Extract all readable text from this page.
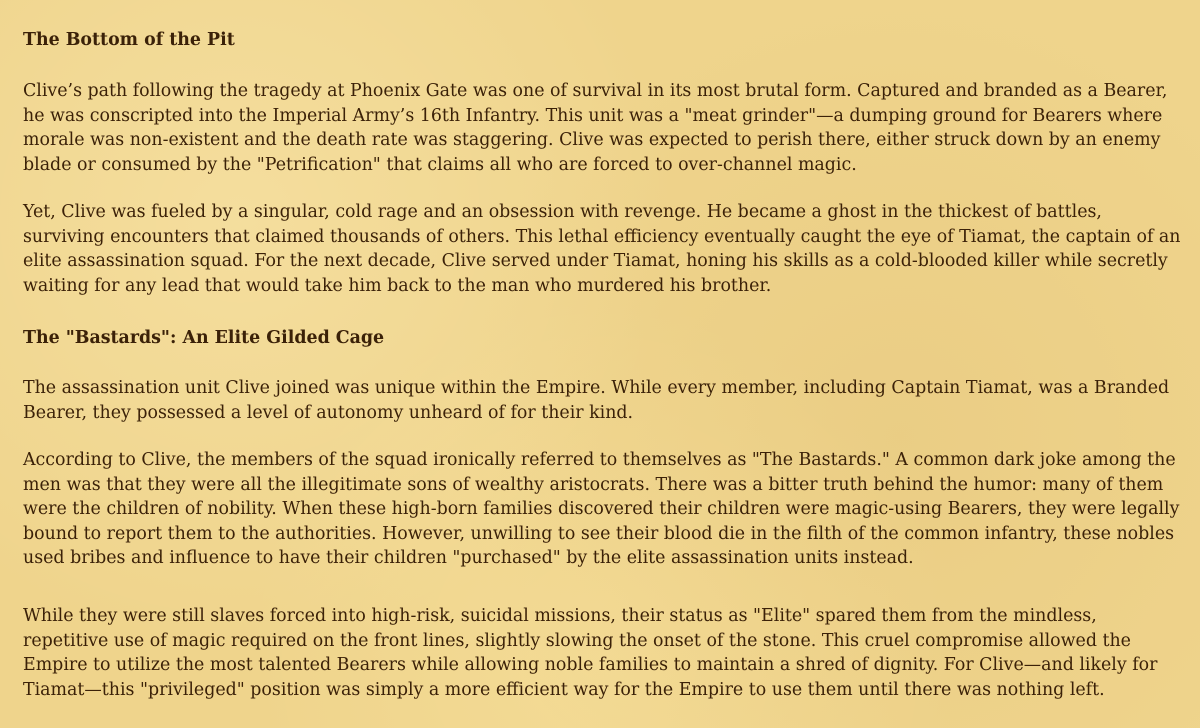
The Bottom of the Pit

Clive’s path following the tragedy at Phoenix Gate was one of survival in its most brutal form. Captured and branded as a Bearer, he was conscripted into the Imperial Army’s 16th Infantry. This unit was a "meat grinder"—a dumping ground for Bearers where morale was non-existent and the death rate was staggering. Clive was expected to perish there, either struck down by an enemy blade or consumed by the "Petrification" that claims all who are forced to over-channel magic.

Yet, Clive was fueled by a singular, cold rage and an obsession with revenge. He became a ghost in the thickest of battles, surviving encounters that claimed thousands of others. This lethal efficiency eventually caught the eye of Tiamat, the captain of an elite assassination squad. For the next decade, Clive served under Tiamat, honing his skills as a cold-blooded killer while secretly waiting for any lead that would take him back to the man who murdered his brother.

The "Bastards": An Elite Gilded Cage

The assassination unit Clive joined was unique within the Empire. While every member, including Captain Tiamat, was a Branded Bearer, they possessed a level of autonomy unheard of for their kind.

According to Clive, the members of the squad ironically referred to themselves as "The Bastards." A common dark joke among the men was that they were all the illegitimate sons of wealthy aristocrats. There was a bitter truth behind the humor: many of them were the children of nobility. When these high-born families discovered their children were magic-using Bearers, they were legally bound to report them to the authorities. However, unwilling to see their blood die in the filth of the common infantry, these nobles used bribes and influence to have their children "purchased" by the elite assassination units instead.

While they were still slaves forced into high-risk, suicidal missions, their status as "Elite" spared them from the mindless, repetitive use of magic required on the front lines, slightly slowing the onset of the stone. This cruel compromise allowed the Empire to utilize the most talented Bearers while allowing noble families to maintain a shred of dignity. For Clive—and likely for Tiamat—this "privileged" position was simply a more efficient way for the Empire to use them until there was nothing left.
